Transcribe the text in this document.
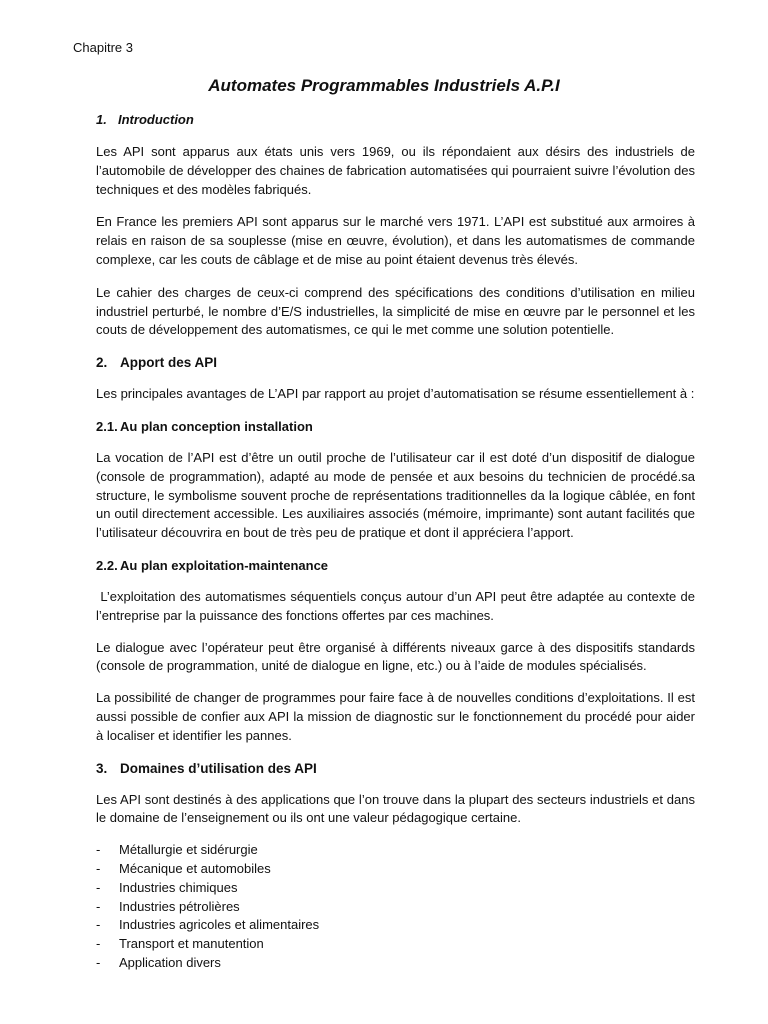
Chapitre 3
Automates Programmables Industriels A.P.I
1. Introduction

Les API sont apparus aux états unis vers 1969, ou ils répondaient aux désirs des industriels de l’automobile de développer des chaines de fabrication automatisées qui pourraient suivre l’évolution des techniques et des modèles fabriqués.

En France les premiers API sont apparus sur le marché vers 1971. L’API est substitué aux armoires à relais en raison de sa souplesse (mise en œuvre, évolution), et dans les automatismes de commande complexe, car les couts de câblage et de mise au point étaient devenus très élevés.

Le cahier des charges de ceux-ci comprend des spécifications des conditions d’utilisation en milieu industriel perturbé, le nombre d’E/S industrielles, la simplicité de mise en œuvre par le personnel et les couts de développement des automatismes, ce qui le met comme une solution potentielle.

2. Apport des API

Les principales avantages de L’API par rapport au projet d’automatisation se résume essentiellement à :

2.1. Au plan conception installation

La vocation de l’API est d’être un outil proche de l’utilisateur car il est doté d’un dispositif de dialogue (console de programmation), adapté au mode de pensée et aux besoins du technicien de procédé.sa structure, le symbolisme souvent proche de représentations traditionnelles da la logique câblée, en font un outil directement accessible. Les auxiliaires associés (mémoire, imprimante) sont autant facilités que l’utilisateur découvrira en bout de très peu de pratique et dont il appréciera l’apport.

2.2. Au plan exploitation-maintenance

L’exploitation des automatismes séquentiels conçus autour d’un API peut être adaptée au contexte de l’entreprise par la puissance des fonctions offertes par ces machines.

Le dialogue avec l’opérateur peut être organisé à différents niveaux garce à des dispositifs standards (console de programmation, unité de dialogue en ligne, etc.) ou à l’aide de modules spécialisés.

La possibilité de changer de programmes pour faire face à de nouvelles conditions d’exploitations. Il est aussi possible de confier aux API la mission de diagnostic sur le fonctionnement du procédé pour aider à localiser et identifier les pannes.

3. Domaines d’utilisation des API

Les API sont destinés à des applications que l’on trouve dans la plupart des secteurs industriels et dans le domaine de l’enseignement ou ils ont une valeur pédagogique certaine.

-	Métallurgie et sidérurgie
-	Mécanique et automobiles
-	Industries chimiques
-	Industries pétrolières
-	Industries agricoles et alimentaires
-	Transport et manutention
-	Application divers
